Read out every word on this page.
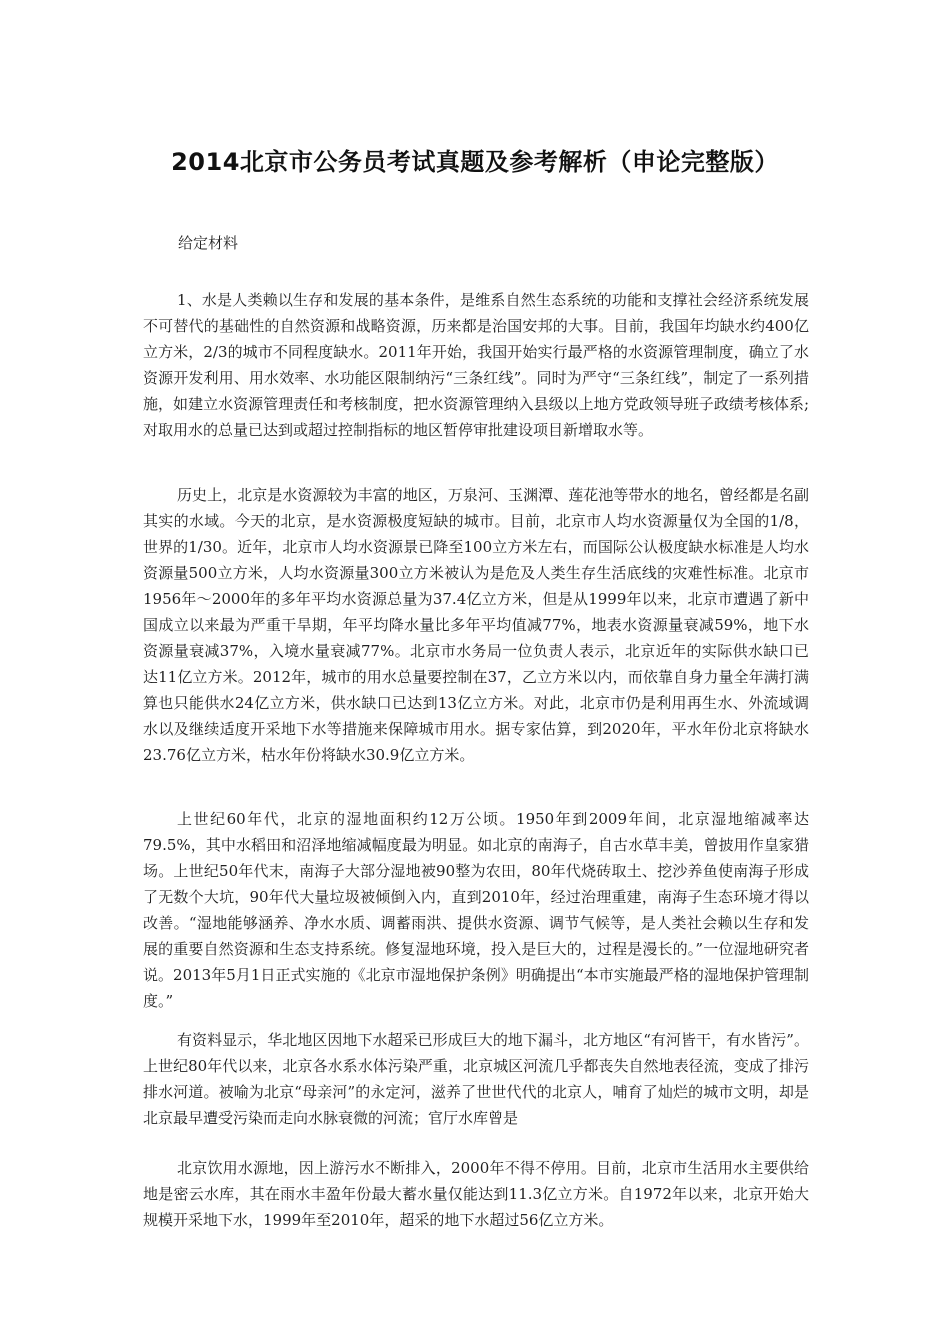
2014北京市公务员考试真题及参考解析（申论完整版）
给定材料

1、水是人类赖以生存和发展的基本条件，是维系自然生态系统的功能和支撑社会经济系统发展不可替代的基础性的自然资源和战略资源，历来都是治国安邦的大事。目前，我国年均缺水约400亿立方米，2/3的城市不同程度缺水。2011年开始，我国开始实行最严格的水资源管理制度，确立了水资源开发利用、用水效率、水功能区限制纳污“三条红线”。同时为严守“三条红线”，制定了一系列措施，如建立水资源管理责任和考核制度，把水资源管理纳入县级以上地方党政领导班子政绩考核体系;对取用水的总量已达到或超过控制指标的地区暂停审批建设项目新增取水等。

历史上，北京是水资源较为丰富的地区，万泉河、玉渊潭、莲花池等带水的地名，曾经都是名副其实的水域。今天的北京，是水资源极度短缺的城市。目前，北京市人均水资源量仅为全国的1/8，世界的1/30。近年，北京市人均水资源景已降至100立方米左右，而国际公认极度缺水标准是人均水资源量500立方米，人均水资源量300立方米被认为是危及人类生存生活底线的灾难性标准。北京市1956年～2000年的多年平均水资源总量为37.4亿立方米，但是从1999年以来，北京市遭遇了新中国成立以来最为严重干旱期，年平均降水量比多年平均值减77%，地表水资源量衰减59%，地下水资源量衰减37%，入境水量衰减77%。北京市水务局一位负责人表示，北京近年的实际供水缺口已达11亿立方米。2012年，城市的用水总量要控制在37，乙立方米以内，而依靠自身力量全年满打满算也只能供水24亿立方米，供水缺口已达到13亿立方米。对此，北京市仍是利用再生水、外流域调水以及继续适度开采地下水等措施来保障城市用水。据专家估算，到2020年，平水年份北京将缺水23.76亿立方米，枯水年份将缺水30.9亿立方米。

上世纪60年代，北京的湿地面积约12万公顷。1950年到2009年间，北京湿地缩减率达79.5%，其中水稻田和沼泽地缩减幅度最为明显。如北京的南海子，自古水草丰美，曾披用作皇家猎场。上世纪50年代末，南海子大部分湿地被90整为农田，80年代烧砖取土、挖沙养鱼使南海子形成了无数个大坑，90年代大量垃圾被倾倒入内，直到2010年，经过治理重建，南海子生态环境才得以改善。“湿地能够涵养、净水水质、调蓄雨洪、提供水资源、调节气候等，是人类社会赖以生存和发展的重要自然资源和生态支持系统。修复湿地环境，投入是巨大的，过程是漫长的。”一位湿地研究者说。2013年5月1日正式实施的《北京市湿地保护条例》明确提出“本市实施最严格的湿地保护管理制度。”

有资料显示，华北地区因地下水超采已形成巨大的地下漏斗，北方地区“有河皆干，有水皆污”。上世纪80年代以来，北京各水系水体污染严重，北京城区河流几乎都丧失自然地表径流，变成了排污排水河道。被喻为北京“母亲河”的永定河，滋养了世世代代的北京人，哺育了灿烂的城市文明，却是北京最早遭受污染而走向水脉衰微的河流；官厅水库曾是

北京饮用水源地，因上游污水不断排入，2000年不得不停用。目前，北京市生活用水主要供给地是密云水库，其在雨水丰盈年份最大蓄水量仅能达到11.3亿立方米。自1972年以来，北京开始大规模开采地下水，1999年至2010年，超采的地下水超过56亿立方米。
